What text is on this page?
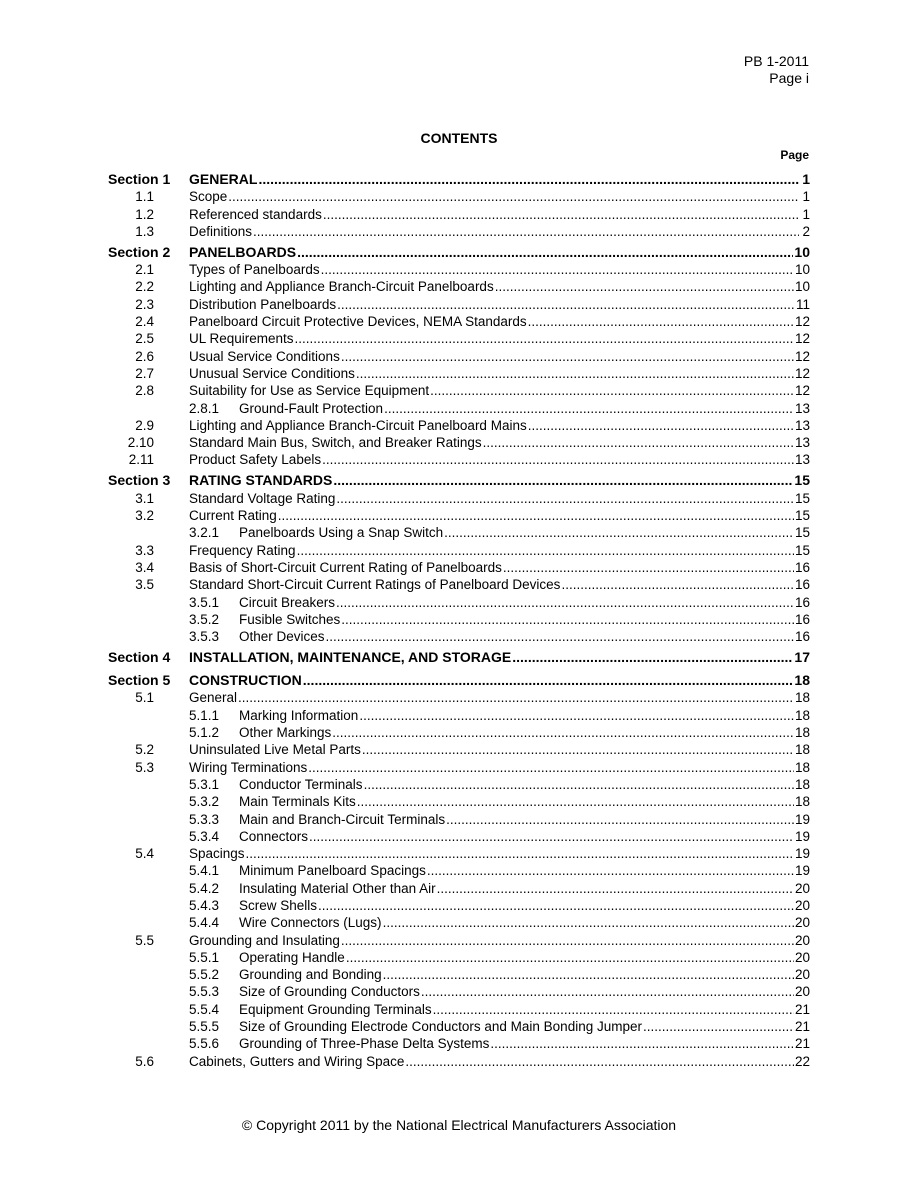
PB 1-2011
Page i
CONTENTS
Page
Section 1	GENERAL .....	1
1.1	Scope .....	1
1.2	Referenced standards .....	1
1.3	Definitions .....	2
Section 2	PANELBOARDS .....	10
2.1	Types of Panelboards .....	10
2.2	Lighting and Appliance Branch-Circuit Panelboards .....	10
2.3	Distribution Panelboards .....	11
2.4	Panelboard Circuit Protective Devices, NEMA Standards .....	12
2.5	UL Requirements .....	12
2.6	Usual Service Conditions .....	12
2.7	Unusual Service Conditions .....	12
2.8	Suitability for Use as Service Equipment .....	12
2.8.1	Ground-Fault Protection .....	13
2.9	Lighting and Appliance Branch-Circuit Panelboard Mains .....	13
2.10	Standard Main Bus, Switch, and Breaker Ratings .....	13
2.11	Product Safety Labels .....	13
Section 3	RATING STANDARDS .....	15
3.1	Standard Voltage Rating .....	15
3.2	Current Rating .....	15
3.2.1	Panelboards Using a Snap Switch .....	15
3.3	Frequency Rating .....	15
3.4	Basis of Short-Circuit Current Rating of Panelboards .....	16
3.5	Standard Short-Circuit Current Ratings of Panelboard Devices .....	16
3.5.1	Circuit Breakers .....	16
3.5.2	Fusible Switches .....	16
3.5.3	Other Devices .....	16
Section 4	INSTALLATION, MAINTENANCE, AND STORAGE .....	17
Section 5	CONSTRUCTION .....	18
5.1	General .....	18
5.1.1	Marking Information .....	18
5.1.2	Other Markings .....	18
5.2	Uninsulated Live Metal Parts .....	18
5.3	Wiring Terminations .....	18
5.3.1	Conductor Terminals .....	18
5.3.2	Main Terminals Kits .....	18
5.3.3	Main and Branch-Circuit Terminals .....	19
5.3.4	Connectors .....	19
5.4	Spacings .....	19
5.4.1	Minimum Panelboard Spacings .....	19
5.4.2	Insulating Material Other than Air .....	20
5.4.3	Screw Shells .....	20
5.4.4	Wire Connectors (Lugs) .....	20
5.5	Grounding and Insulating .....	20
5.5.1	Operating Handle .....	20
5.5.2	Grounding and Bonding .....	20
5.5.3	Size of Grounding Conductors .....	20
5.5.4	Equipment Grounding Terminals .....	21
5.5.5	Size of Grounding Electrode Conductors and Main Bonding Jumper .....	21
5.5.6	Grounding of Three-Phase Delta Systems .....	21
5.6	Cabinets, Gutters and Wiring Space .....	22
© Copyright 2011 by the National Electrical Manufacturers Association
